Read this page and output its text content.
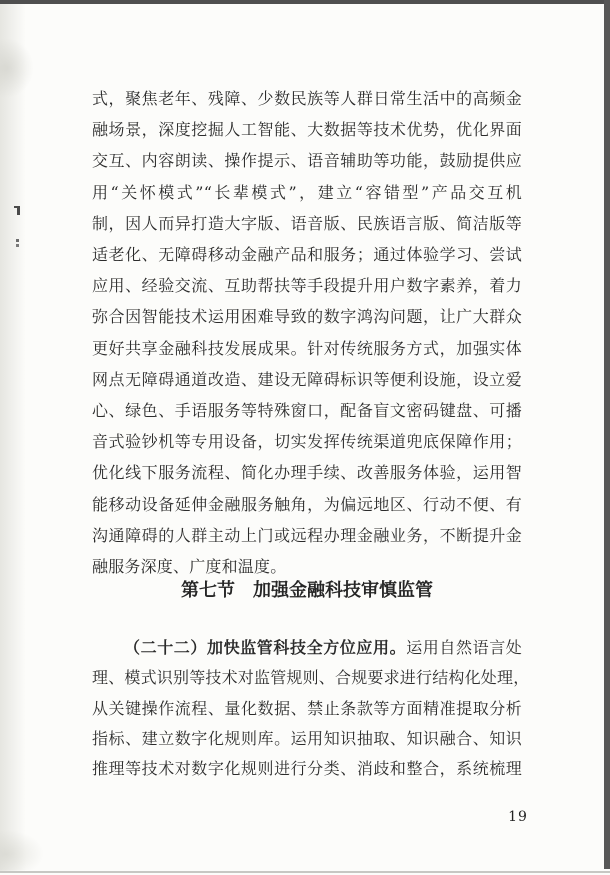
式，聚焦老年、残障、少数民族等人群日常生活中的高频金
融场景，深度挖掘人工智能、大数据等技术优势，优化界面
交互、内容朗读、操作提示、语音辅助等功能，鼓励提供应
用“关怀模式”“长辈模式”，建立“容错型”产品交互机
制，因人而异打造大字版、语音版、民族语言版、简洁版等
适老化、无障碍移动金融产品和服务；通过体验学习、尝试
应用、经验交流、互助帮扶等手段提升用户数字素养，着力
弥合因智能技术运用困难导致的数字鸿沟问题，让广大群众
更好共享金融科技发展成果。针对传统服务方式，加强实体
网点无障碍通道改造、建设无障碍标识等便利设施，设立爱
心、绿色、手语服务等特殊窗口，配备盲文密码键盘、可播
音式验钞机等专用设备，切实发挥传统渠道兜底保障作用；
优化线下服务流程、简化办理手续、改善服务体验，运用智
能移动设备延伸金融服务触角，为偏远地区、行动不便、有
沟通障碍的人群主动上门或远程办理金融业务，不断提升金
融服务深度、广度和温度。
第七节　加强金融科技审慎监管
（二十二）加快监管科技全方位应用。运用自然语言处
理、模式识别等技术对监管规则、合规要求进行结构化处理，
从关键操作流程、量化数据、禁止条款等方面精准提取分析
指标、建立数字化规则库。运用知识抽取、知识融合、知识
推理等技术对数字化规则进行分类、消歧和整合，系统梳理
19
